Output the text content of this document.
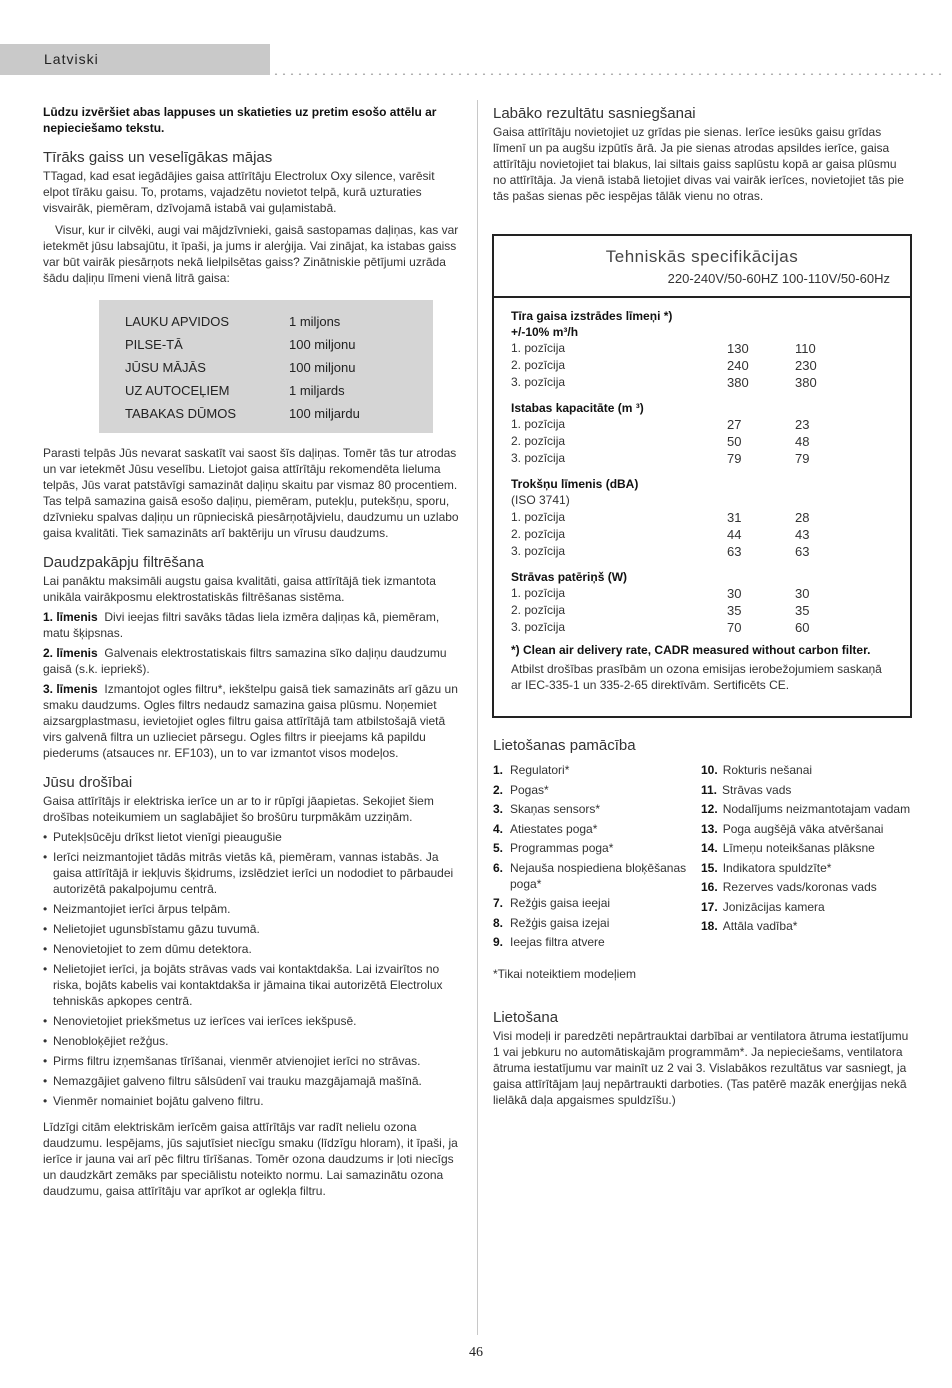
Latviski

Lūdzu izvēršiet abas lappuses un skatieties uz pretim esošo attēlu ar nepieciešamo tekstu.

Tīrāks gaiss un veselīgākas mājas

TTagad, kad esat iegādājies gaisa attīrītāju Electrolux Oxy silence, varēsit elpot tīrāku gaisu. To, protams, vajadzētu novietot telpā, kurā uzturaties visvairāk, piemēram, dzīvojamā istabā vai guļamistabā.

Visur, kur ir cilvēki, augi vai mājdzīvnieki, gaisā sastopamas daļiņas, kas var ietekmēt jūsu labsajūtu, it īpaši, ja jums ir alerģija. Vai zinājat, ka istabas gaiss var būt vairāk piesārņots nekā lielpilsētas gaiss? Zinātniskie pētījumi uzrāda šādu daļiņu līmeni vienā litrā gaisa:

LAUKU APVIDOS	1 miljons
PILSE-TĀ	100 miljonu
JŪSU MĀJĀS	100 miljonu
UZ AUTOCEĻIEM	1 miljards
TABAKAS DŪMOS	100 miljardu

Parasti telpās Jūs nevarat saskatīt vai saost šīs daļiņas. Tomēr tās tur atrodas un var ietekmēt Jūsu veselību. Lietojot gaisa attīrītāju rekomendēta lieluma telpās, Jūs varat patstāvīgi samazināt daļiņu skaitu par vismaz 80 procentiem. Tas telpā samazina gaisā esošo daļiņu, piemēram, putekļu, putekšņu, sporu, dzīvnieku spalvas daļiņu un rūpnieciskā piesārņotājvielu, daudzumu un uzlabo gaisa kvalitāti. Tiek samazināts arī baktēriju un vīrusu daudzums.

Daudzpakāpju filtrēšana

Lai panāktu maksimāli augstu gaisa kvalitāti, gaisa attīrītājā tiek izmantota unikāla vairākposmu elektrostatiskās filtrēšanas sistēma.

1. līmenis Divi ieejas filtri savāks tādas liela izmēra daļiņas kā, piemēram, matu šķipsnas.

2. līmenis Galvenais elektrostatiskais filtrs samazina sīko daļiņu daudzumu gaisā (s.k. iepriekš).

3. līmenis Izmantojot ogles filtru*, iekštelpu gaisā tiek samazināts arī gāzu un smaku daudzums. Ogles filtrs nedaudz samazina gaisa plūsmu. Noņemiet aizsargplastmasu, ievietojiet ogles filtru gaisa attīrītājā tam atbilstošajā vietā virs galvenā filtra un uzlieciet pārsegu. Ogles filtrs ir pieejams kā papildu piederums (atsauces nr. EF103), un to var izmantot visos modeļos.

Jūsu drošībai

Gaisa attīrītājs ir elektriska ierīce un ar to ir rūpīgi jāapietas. Sekojiet šiem drošības noteikumiem un saglabājiet šo brošūru turpmākām uzziņām.

• Putekļsūcēju drīkst lietot vienīgi pieaugušie
• Ierīci neizmantojiet tādās mitrās vietās kā, piemēram, vannas istabās. Ja gaisa attīrītājā ir iekļuvis šķidrums, izslēdziet ierīci un nododiet to pārbaudei autorizētā pakalpojumu centrā.
• Neizmantojiet ierīci ārpus telpām.
• Nelietojiet ugunsbīstamu gāzu tuvumā.
• Nenovietojiet to zem dūmu detektora.
• Nelietojiet ierīci, ja bojāts strāvas vads vai kontaktdakša. Lai izvairītos no riska, bojāts kabelis vai kontaktdakša ir jāmaina tikai autorizētā Electrolux tehniskās apkopes centrā.
• Nenovietojiet priekšmetus uz ierīces vai ierīces iekšpusē.
• Nenobloķējiet režģus.
• Pirms filtru izņemšanas tīrīšanai, vienmēr atvienojiet ierīci no strāvas.
• Nemazgājiet galveno filtru sālsūdenī vai trauku mazgājamajā mašīnā.
• Vienmēr nomainiet bojātu galveno filtru.

Līdzīgi citām elektriskām ierīcēm gaisa attīrītājs var radīt nelielu ozona daudzumu. Iespējams, jūs sajutīsiet niecīgu smaku (līdzīgu hloram), it īpaši, ja ierīce ir jauna vai arī pēc filtru tīrīšanas. Tomēr ozona daudzums ir ļoti niecīgs un daudzkārt zemāks par speciālistu noteikto normu. Lai samazinātu ozona daudzumu, gaisa attīrītāju var aprīkot ar oglekļa filtru.

Labāko rezultātu sasniegšanai

Gaisa attīrītāju novietojiet uz grīdas pie sienas. Ierīce iesūks gaisu grīdas līmenī un pa augšu izpūtīs ārā. Ja pie sienas atrodas apsildes ierīce, gaisa attīrītāju novietojiet tai blakus, lai siltais gaiss saplūstu kopā ar gaisa plūsmu no attīrītāja. Ja vienā istabā lietojiet divas vai vairāk ierīces, novietojiet tās pie tās pašas sienas pēc iespējas tālāk vienu no otras.

Tehniskās specifikācijas
220-240V/50-60HZ 100-110V/50-60Hz
Tīra gaisa izstrādes līmeņi *)
+/-10% m³/h
1. pozīcija	130	110
2. pozīcija	240	230
3. pozīcija	380	380
Istabas kapacitāte (m ³)
1. pozīcija	27	23
2. pozīcija	50	48
3. pozīcija	79	79
Trokšņu līmenis (dBA)
(ISO 3741)
1. pozīcija	31	28
2. pozīcija	44	43
3. pozīcija	63	63
Strāvas patēriņš (W)
1. pozīcija	30	30
2. pozīcija	35	35
3. pozīcija	70	60

*) Clean air delivery rate, CADR measured without carbon filter.

Atbilst drošības prasībām un ozona emisijas ierobežojumiem saskaņā ar IEC-335-1 un 335-2-65 direktīvām. Sertificēts CE.

Lietošanas pamācība
1. Regulatori*
2. Pogas*
3. Skaņas sensors*
4. Atiestates poga*
5. Programmas poga*
6. Nejauša nospiediena bloķēšanas poga*
7. Režģis gaisa ieejai
8. Režģis gaisa izejai
9. Ieejas filtra atvere
10. Rokturis nešanai
11. Strāvas vads
12. Nodalījums neizmantotajam vadam
13. Poga augšējā vāka atvēršanai
14. Līmeņu noteikšanas plāksne
15. Indikatora spuldzīte*
16. Rezerves vads/koronas vads
17. Jonizācijas kamera
18. Attāla vadība*

*Tikai noteiktiem modeļiem

Lietošana

Visi modeļi ir paredzēti nepārtrauktai darbībai ar ventilatora ātruma iestatījumu 1 vai jebkuru no automātiskajām programmām*. Ja nepieciešams, ventilatora ātruma iestatījumu var mainīt uz 2 vai 3. Vislabākos rezultātus var sasniegt, ja gaisa attīrītājam ļauj nepārtraukti darboties. (Tas patērē mazāk enerģijas nekā lielākā daļa apgaismes spuldzīšu.)

46
